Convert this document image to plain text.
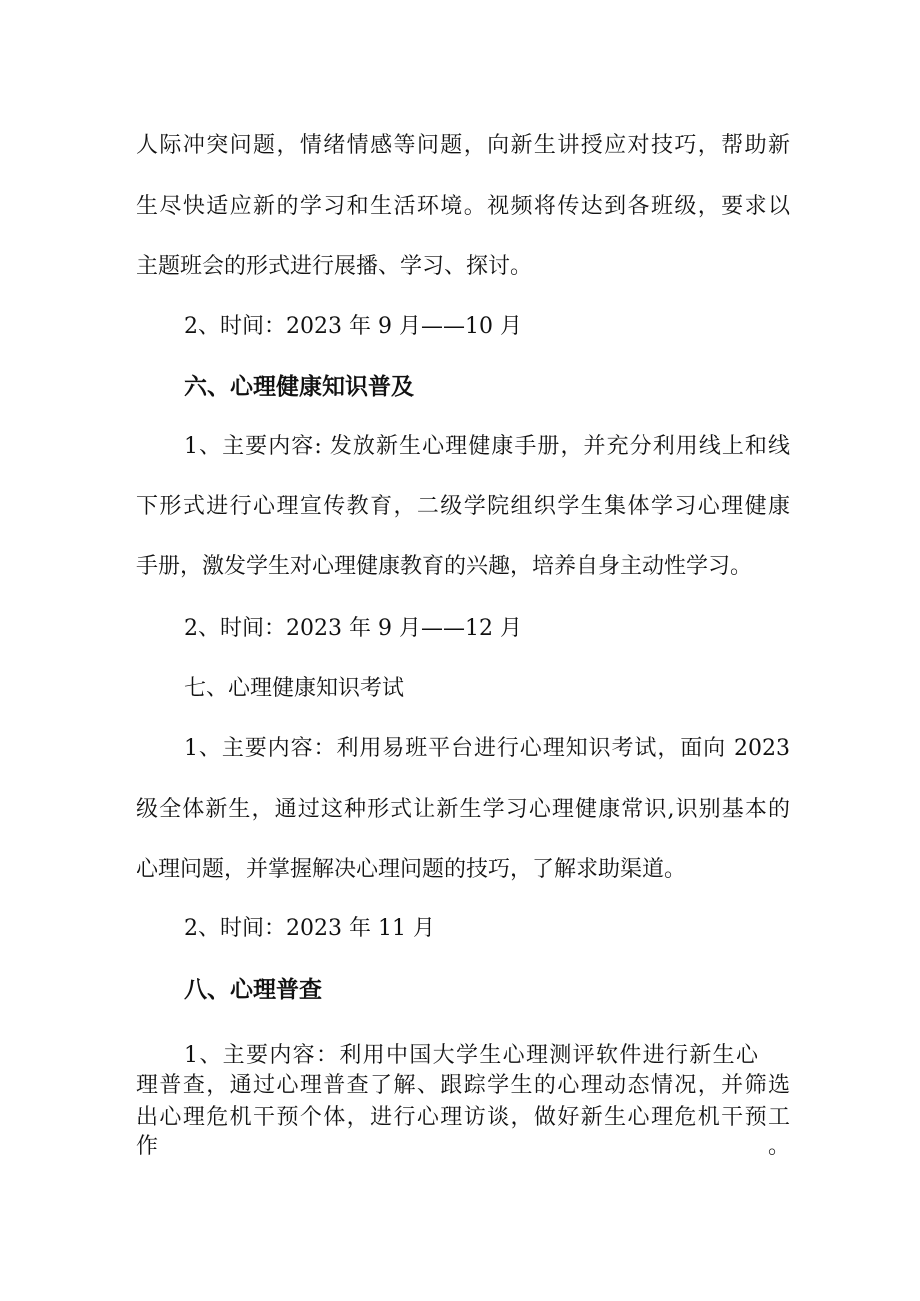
人际冲突问题，情绪情感等问题，向新生讲授应对技巧，帮助新
生尽快适应新的学习和生活环境。视频将传达到各班级，要求以
主题班会的形式进行展播、学习、探讨。
2、时间：2023 年 9 月——10 月
六、心理健康知识普及
1、主要内容: 发放新生心理健康手册，并充分利用线上和线
下形式进行心理宣传教育，二级学院组织学生集体学习心理健康
手册，激发学生对心理健康教育的兴趣，培养自身主动性学习。
2、时间：2023 年 9 月——12 月
七、心理健康知识考试
1、主要内容：利用易班平台进行心理知识考试，面向 2023
级全体新生，通过这种形式让新生学习心理健康常识,识别基本的
心理问题，并掌握解决心理问题的技巧，了解求助渠道。
2、时间：2023 年 11 月
八、心理普查
1、主要内容：利用中国大学生心理测评软件进行新生心
理普查，通过心理普查了解、跟踪学生的心理动态情况，并筛选
出心理危机干预个体，进行心理访谈，做好新生心理危机干预工
作。
